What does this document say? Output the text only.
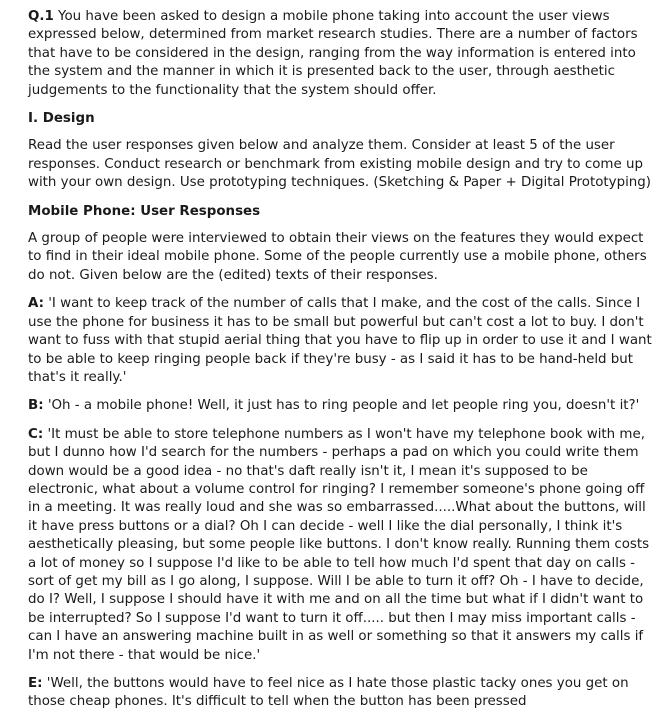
Q.1 You have been asked to design a mobile phone taking into account the user views expressed below, determined from market research studies. There are a number of factors that have to be considered in the design, ranging from the way information is entered into the system and the manner in which it is presented back to the user, through aesthetic judgements to the functionality that the system should offer.

I. Design

Read the user responses given below and analyze them. Consider at least 5 of the user responses. Conduct research or benchmark from existing mobile design and try to come up with your own design. Use prototyping techniques. (Sketching & Paper + Digital Prototyping)

Mobile Phone: User Responses

A group of people were interviewed to obtain their views on the features they would expect to find in their ideal mobile phone. Some of the people currently use a mobile phone, others do not. Given below are the (edited) texts of their responses.

A: 'I want to keep track of the number of calls that I make, and the cost of the calls. Since I use the phone for business it has to be small but powerful but can't cost a lot to buy. I don't want to fuss with that stupid aerial thing that you have to flip up in order to use it and I want to be able to keep ringing people back if they're busy - as I said it has to be hand-held but that's it really.'

B: 'Oh - a mobile phone! Well, it just has to ring people and let people ring you, doesn't it?'

C: 'It must be able to store telephone numbers as I won't have my telephone book with me, but I dunno how I'd search for the numbers - perhaps a pad on which you could write them down would be a good idea - no that's daft really isn't it, I mean it's supposed to be electronic, what about a volume control for ringing? I remember someone's phone going off in a meeting. It was really loud and she was so embarrassed.....What about the buttons, will it have press buttons or a dial? Oh I can decide - well I like the dial personally, I think it's aesthetically pleasing, but some people like buttons. I don't know really. Running them costs a lot of money so I suppose I'd like to be able to tell how much I'd spent that day on calls - sort of get my bill as I go along, I suppose. Will I be able to turn it off? Oh - I have to decide, do I? Well, I suppose I should have it with me and on all the time but what if I didn't want to be interrupted? So I suppose I'd want to turn it off..... but then I may miss important calls - can I have an answering machine built in as well or something so that it answers my calls if I'm not there - that would be nice.'

E: 'Well, the buttons would have to feel nice as I hate those plastic tacky ones you get on those cheap phones. It's difficult to tell when the button has been pressed
